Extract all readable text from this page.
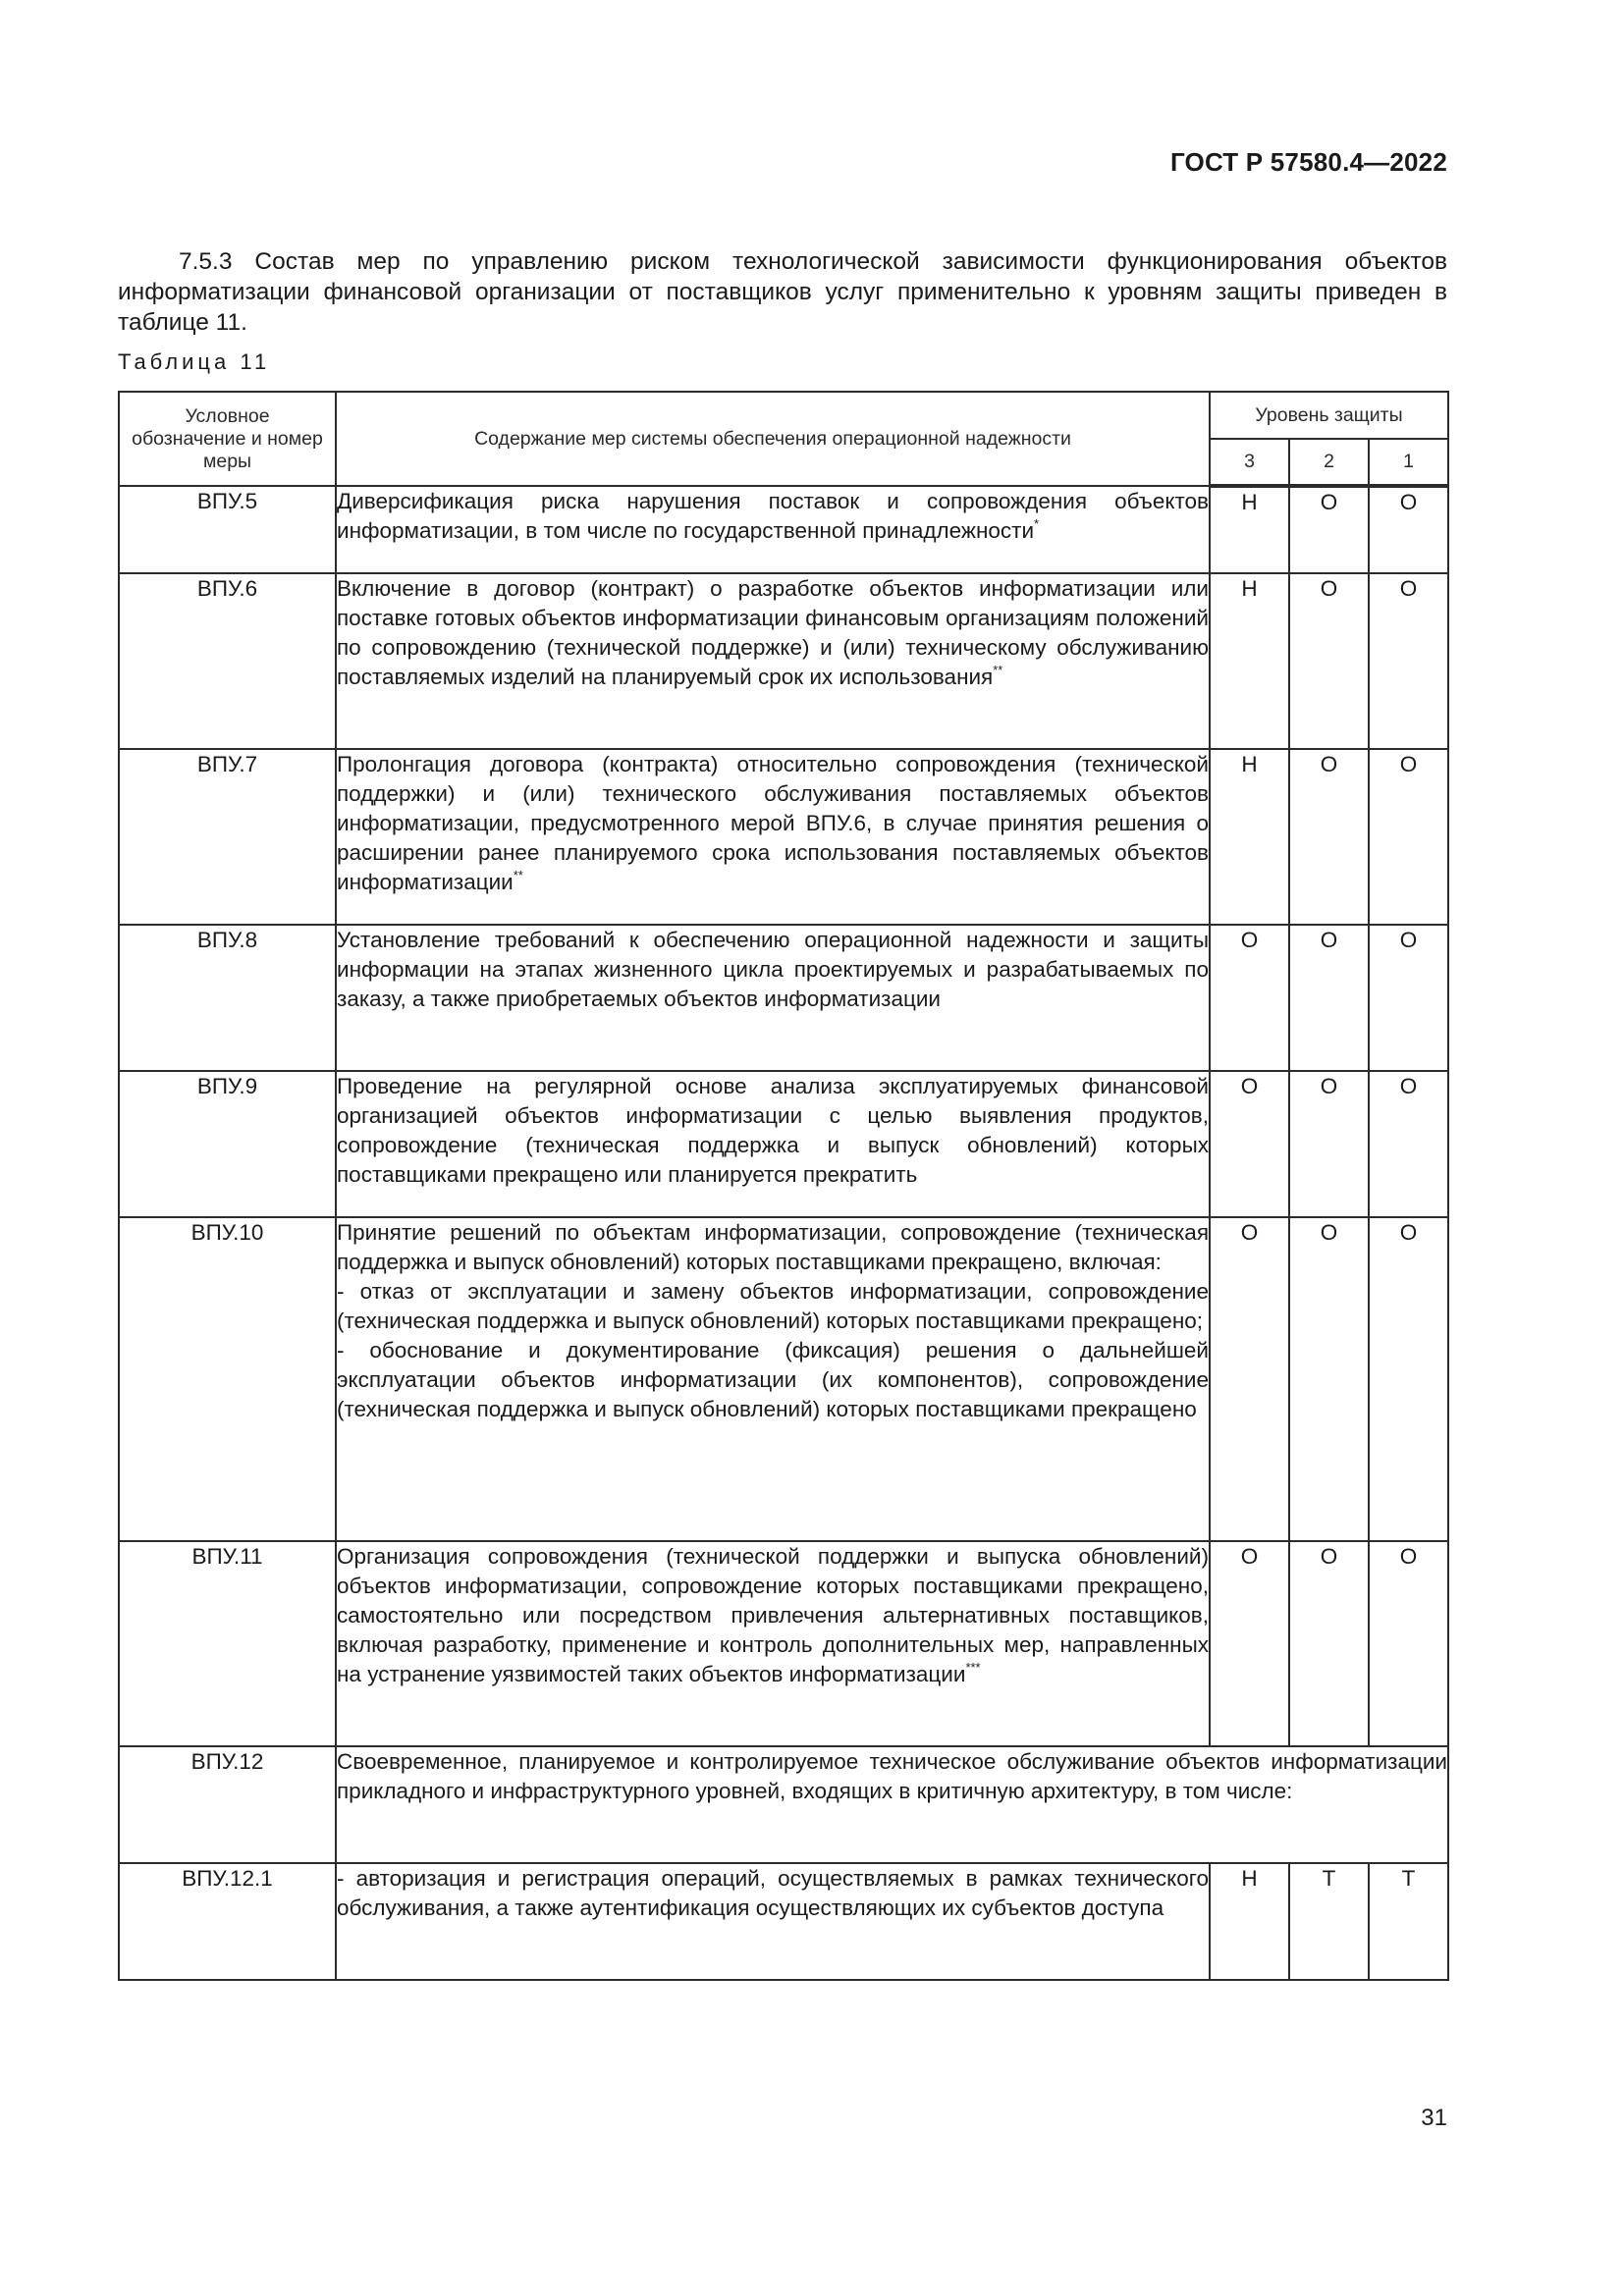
ГОСТ Р 57580.4—2022

7.5.3 Состав мер по управлению риском технологической зависимости функционирования объектов информатизации финансовой организации от поставщиков услуг применительно к уровням защиты приведен в таблице 11.

Таблица 11
Условное обозначение и номер меры	Содержание мер системы обеспечения операционной надежности	Уровень защиты		
		3	2	1
ВПУ.5	Диверсификация риска нарушения поставок и сопровождения объектов информатизации, в том числе по государственной принадлежности*	Н	О	О
ВПУ.6	Включение в договор (контракт) о разработке объектов информатизации или поставке готовых объектов информатизации финансовым организациям положений по сопровождению (технической поддержке) и (или) техническому обслуживанию поставляемых изделий на планируемый срок их использования**	Н	О	О
ВПУ.7	Пролонгация договора (контракта) относительно сопровождения (технической поддержки) и (или) технического обслуживания поставляемых объектов информатизации, предусмотренного мерой ВПУ.6, в случае принятия решения о расширении ранее планируемого срока использования поставляемых объектов информатизации**	Н	О	О
ВПУ.8	Установление требований к обеспечению операционной надежности и защиты информации на этапах жизненного цикла проектируемых и разрабатываемых по заказу, а также приобретаемых объектов информатизации	О	О	О
ВПУ.9	Проведение на регулярной основе анализа эксплуатируемых финансовой организацией объектов информатизации с целью выявления продуктов, сопровождение (техническая поддержка и выпуск обновлений) которых поставщиками прекращено или планируется прекратить	О	О	О
ВПУ.10	Принятие решений по объектам информатизации, сопровождение (техническая поддержка и выпуск обновлений) которых поставщиками прекращено, включая:
- отказ от эксплуатации и замену объектов информатизации, сопровождение (техническая поддержка и выпуск обновлений) которых поставщиками прекращено;
- обоснование и документирование (фиксация) решения о дальнейшей эксплуатации объектов информатизации (их компонентов), сопровождение (техническая поддержка и выпуск обновлений) которых поставщиками прекращено	О	О	О
ВПУ.11	Организация сопровождения (технической поддержки и выпуска обновлений) объектов информатизации, сопровождение которых поставщиками прекращено, самостоятельно или посредством привлечения альтернативных поставщиков, включая разработку, применение и контроль дополнительных мер, направленных на устранение уязвимостей таких объектов информатизации***	О	О	О
ВПУ.12	Своевременное, планируемое и контролируемое техническое обслуживание объектов информатизации прикладного и инфраструктурного уровней, входящих в критичную архитектуру, в том числе:			
ВПУ.12.1	- авторизация и регистрация операций, осуществляемых в рамках технического обслуживания, а также аутентификация осуществляющих их субъектов доступа	Н	Т	Т
31
